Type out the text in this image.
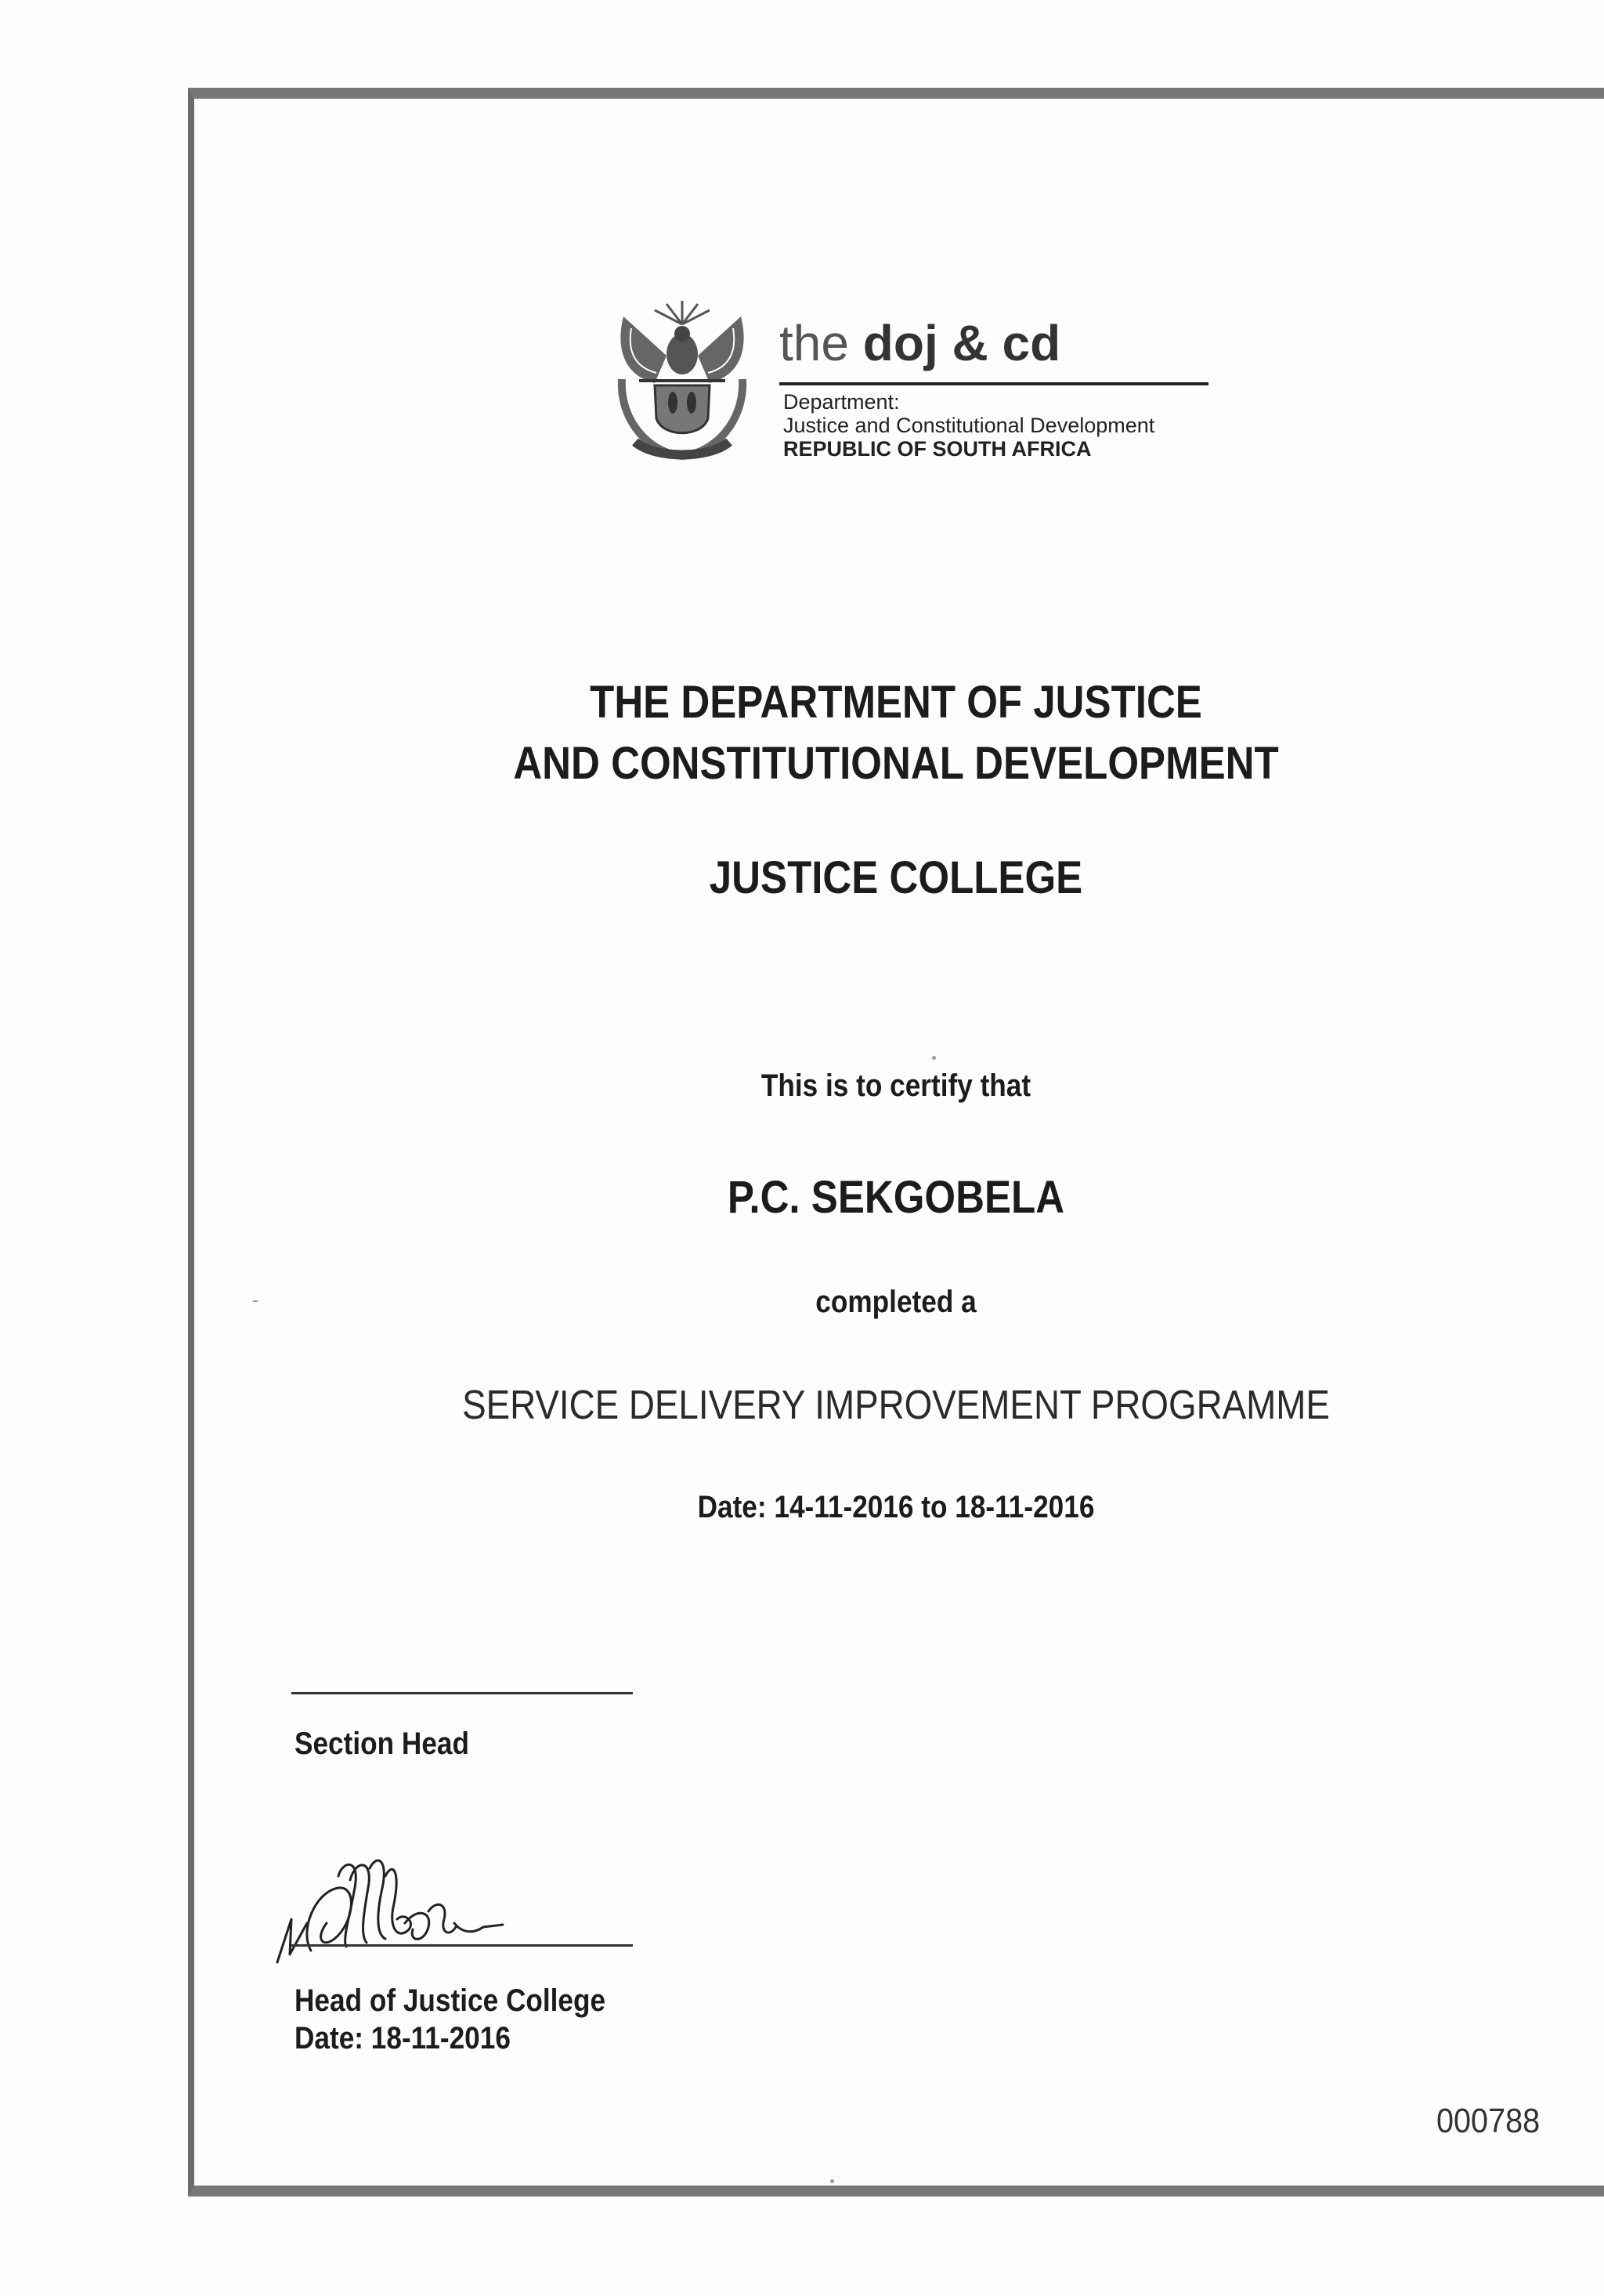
the doj & cd
Department:
Justice and Constitutional Development
REPUBLIC OF SOUTH AFRICA
THE DEPARTMENT OF JUSTICE
AND CONSTITUTIONAL DEVELOPMENT
JUSTICE COLLEGE
This is to certify that
P.C. SEKGOBELA
completed a
SERVICE DELIVERY IMPROVEMENT PROGRAMME
Date: 14-11-2016 to 18-11-2016
Section Head
Head of Justice College
Date: 18-11-2016
000788
